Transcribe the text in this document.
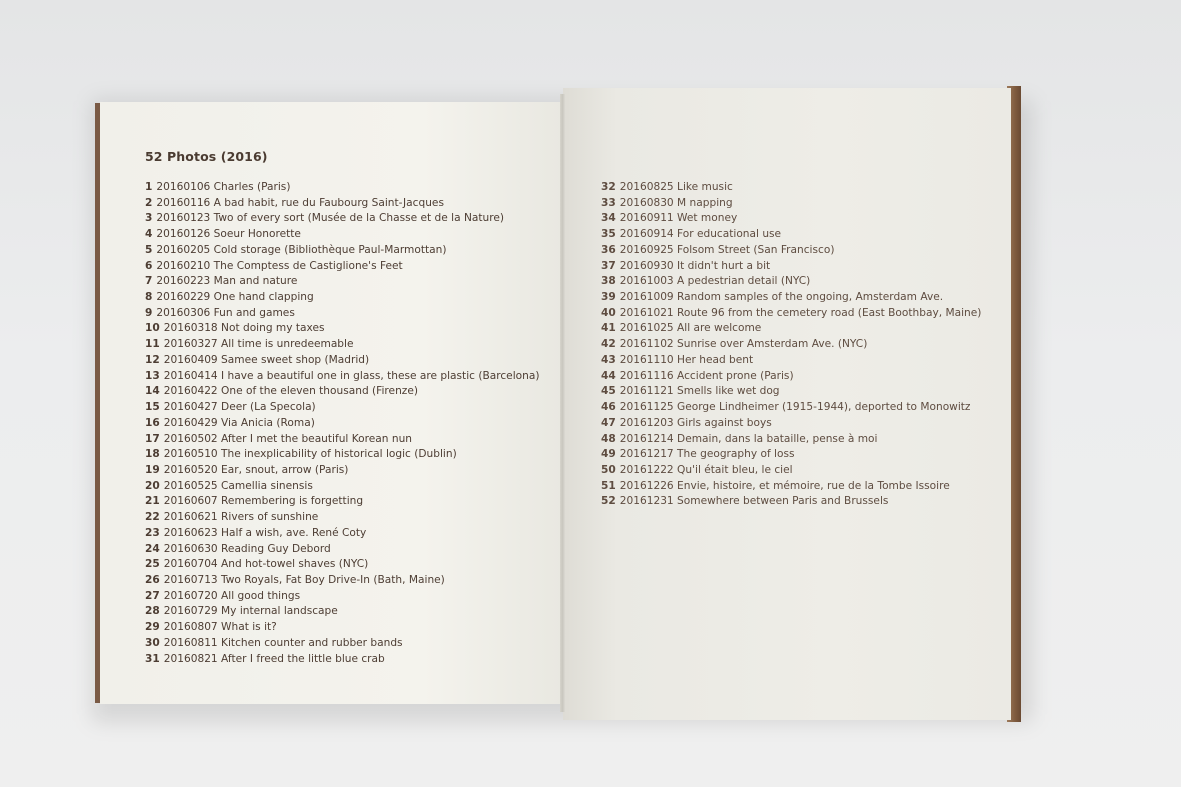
52 Photos (2016)
1 20160106 Charles (Paris)
2 20160116 A bad habit, rue du Faubourg Saint-Jacques
3 20160123 Two of every sort (Musée de la Chasse et de la Nature)
4 20160126 Soeur Honorette
5 20160205 Cold storage (Bibliothèque Paul-Marmottan)
6 20160210 The Comptess de Castiglione's Feet
7 20160223 Man and nature
8 20160229 One hand clapping
9 20160306 Fun and games
10 20160318 Not doing my taxes
11 20160327 All time is unredeemable
12 20160409 Samee sweet shop (Madrid)
13 20160414 I have a beautiful one in glass, these are plastic (Barcelona)
14 20160422 One of the eleven thousand (Firenze)
15 20160427 Deer (La Specola)
16 20160429 Via Anicia (Roma)
17 20160502 After I met the beautiful Korean nun
18 20160510 The inexplicability of historical logic (Dublin)
19 20160520 Ear, snout, arrow (Paris)
20 20160525 Camellia sinensis
21 20160607 Remembering is forgetting
22 20160621 Rivers of sunshine
23 20160623 Half a wish, ave. René Coty
24 20160630 Reading Guy Debord
25 20160704 And hot-towel shaves (NYC)
26 20160713 Two Royals, Fat Boy Drive-In (Bath, Maine)
27 20160720 All good things
28 20160729 My internal landscape
29 20160807 What is it?
30 20160811 Kitchen counter and rubber bands
31 20160821 After I freed the little blue crab
32 20160825 Like music
33 20160830 M napping
34 20160911 Wet money
35 20160914 For educational use
36 20160925 Folsom Street (San Francisco)
37 20160930 It didn't hurt a bit
38 20161003 A pedestrian detail (NYC)
39 20161009 Random samples of the ongoing, Amsterdam Ave.
40 20161021 Route 96 from the cemetery road (East Boothbay, Maine)
41 20161025 All are welcome
42 20161102 Sunrise over Amsterdam Ave. (NYC)
43 20161110 Her head bent
44 20161116 Accident prone (Paris)
45 20161121 Smells like wet dog
46 20161125 George Lindheimer (1915-1944), deported to Monowitz
47 20161203 Girls against boys
48 20161214 Demain, dans la bataille, pense à moi
49 20161217 The geography of loss
50 20161222 Qu'il était bleu, le ciel
51 20161226 Envie, histoire, et mémoire, rue de la Tombe Issoire
52 20161231 Somewhere between Paris and Brussels
